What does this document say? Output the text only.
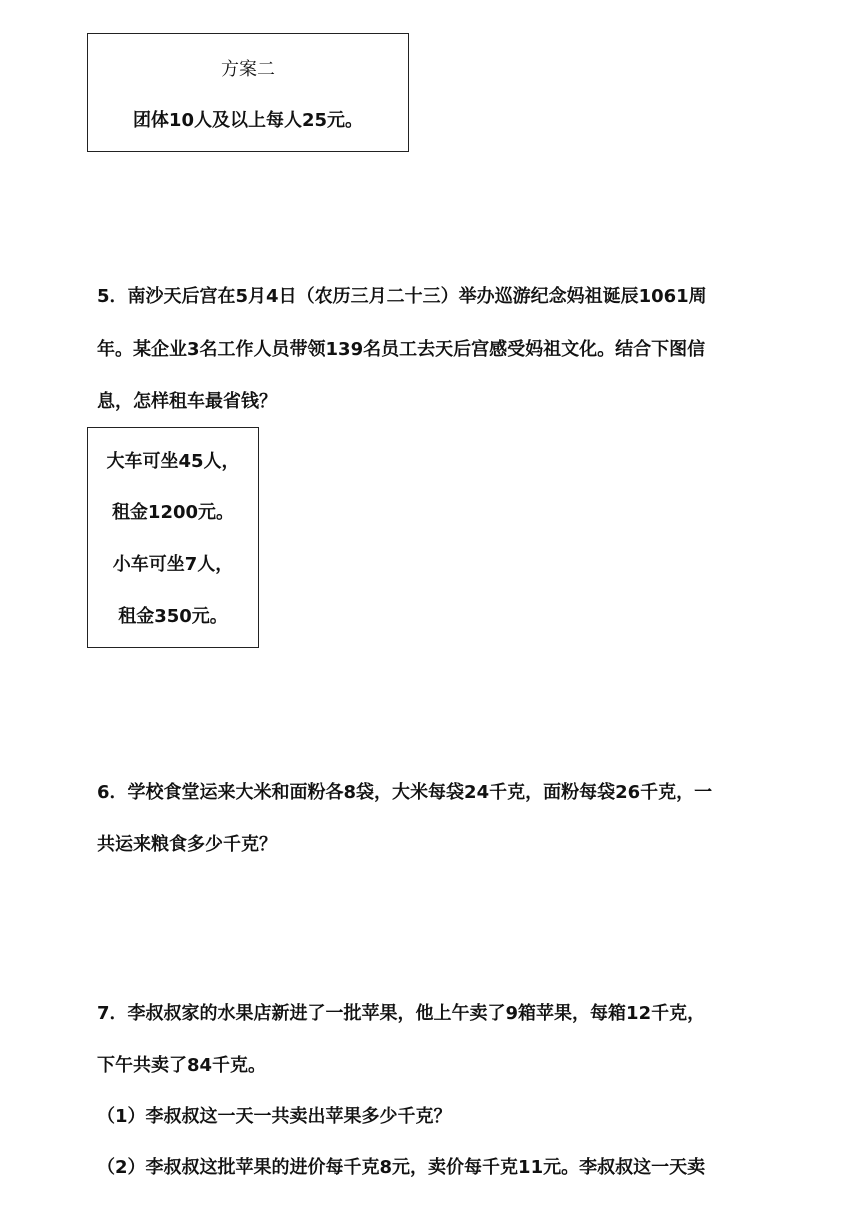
方案二
团体10人及以上每人25元。
5．南沙天后宫在5月4日（农历三月二十三）举办巡游纪念妈祖诞辰1061周
年。某企业3名工作人员带领139名员工去天后宫感受妈祖文化。结合下图信
息，怎样租车最省钱？
大车可坐45人，
租金1200元。
小车可坐7人，
租金350元。
6．学校食堂运来大米和面粉各8袋，大米每袋24千克，面粉每袋26千克，一
共运来粮食多少千克？
7．李叔叔家的水果店新进了一批苹果，他上午卖了9箱苹果，每箱12千克，
下午共卖了84千克。
（1）李叔叔这一天一共卖出苹果多少千克？
（2）李叔叔这批苹果的进价每千克8元，卖价每千克11元。李叔叔这一天卖
